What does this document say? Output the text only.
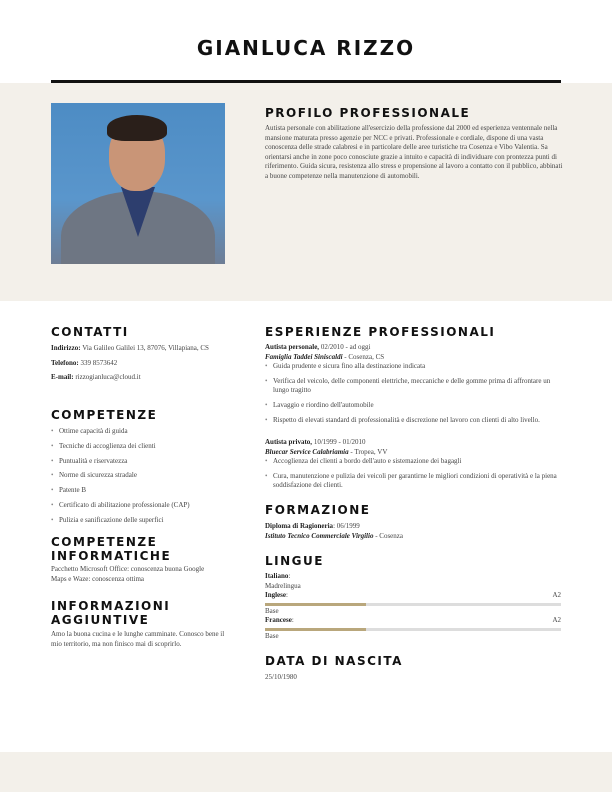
GIANLUCA RIZZO
PROFILO PROFESSIONALE
Autista personale con abilitazione all'esercizio della professione dal 2000 ed esperienza ventennale nella mansione maturata presso agenzie per NCC e privati. Professionale e cordiale, dispone di una vasta conoscenza delle strade calabresi e in particolare delle aree turistiche tra Cosenza e Vibo Valentia. Sa orientarsi anche in zone poco conosciute grazie a intuito e capacità di individuare con prontezza punti di riferimento. Guida sicura, resistenza allo stress e propensione al lavoro a contatto con il pubblico, abbinati a buone competenze nella manutenzione di automobili.
CONTATTI
Indirizzo: Via Galileo Galilei 13, 87076, Villapiana, CS
Telefono: 339 8573642
E-mail: rizzogianluca@cloud.it
COMPETENZE
• Ottime capacità di guida
• Tecniche di accoglienza dei clienti
• Puntualità e riservatezza
• Norme di sicurezza stradale
• Patente B
• Certificato di abilitazione professionale (CAP)
• Pulizia e sanificazione delle superfici
COMPETENZE INFORMATICHE
Pacchetto Microsoft Office: conoscenza buona Google Maps e Waze: conoscenza ottima
INFORMAZIONI AGGIUNTIVE
Amo la buona cucina e le lunghe camminate. Conosco bene il mio territorio, ma non finisco mai di scoprirlo.
ESPERIENZE PROFESSIONALI
Autista personale, 02/2010 - ad oggi
Famiglia Taddei Siniscaldi - Cosenza, CS
• Guida prudente e sicura fino alla destinazione indicata
• Verifica del veicolo, delle componenti elettriche, meccaniche e delle gomme prima di affrontare un lungo tragitto
• Lavaggio e riordino dell'automobile
• Rispetto di elevati standard di professionalità e discrezione nel lavoro con clienti di alto livello.
Autista privato, 10/1999 - 01/2010
Bluecar Service Calabriamia - Tropea, VV
• Accoglienza dei clienti a bordo dell'auto e sistemazione dei bagagli
• Cura, manutenzione e pulizia dei veicoli per garantirne le migliori condizioni di operatività e la piena soddisfazione dei clienti.
FORMAZIONE
Diploma di Ragioneria: 06/1999
Istituto Tecnico Commerciale Virgilio - Cosenza
LINGUE
Italiano:
Madrelingua
Inglese:	A2
Base
Francese:	A2
Base
DATA DI NASCITA
25/10/1980
